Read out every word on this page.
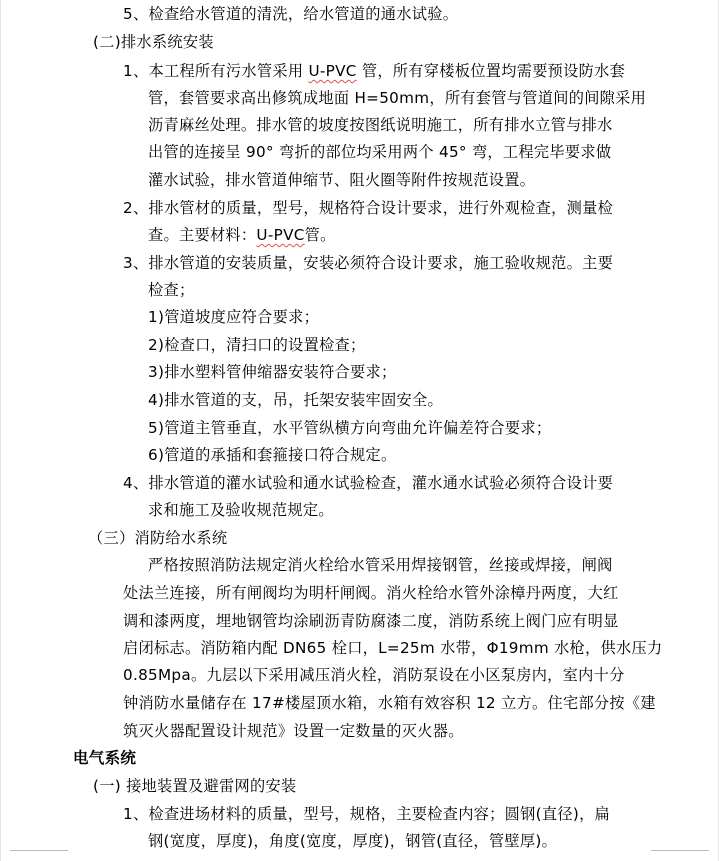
5、检查给水管道的清洗，给水管道的通水试验。
(二)排水系统安装
1、本工程所有污水管采用 U-PVC 管，所有穿楼板位置均需要预设防水套
管，套管要求高出修筑成地面 H=50mm，所有套管与管道间的间隙采用
沥青麻丝处理。排水管的坡度按图纸说明施工，所有排水立管与排水
出管的连接呈 90° 弯折的部位均采用两个 45° 弯，工程完毕要求做
灌水试验，排水管道伸缩节、阻火圈等附件按规范设置。
2、排水管材的质量，型号，规格符合设计要求，进行外观检查，测量检
查。主要材料：U-PVC管。
3、排水管道的安装质量，安装必须符合设计要求，施工验收规范。主要
检查；
1)管道坡度应符合要求；
2)检查口，清扫口的设置检查；
3)排水塑料管伸缩器安装符合要求；
4)排水管道的支，吊，托架安装牢固安全。
5)管道主管垂直，水平管纵横方向弯曲允许偏差符合要求；
6)管道的承插和套箍接口符合规定。
4、排水管道的灌水试验和通水试验检查，灌水通水试验必须符合设计要
求和施工及验收规范规定。
（三）消防给水系统
严格按照消防法规定消火栓给水管采用焊接钢管，丝接或焊接，闸阀
处法兰连接，所有闸阀均为明杆闸阀。消火栓给水管外涂樟丹两度，大红
调和漆两度，埋地钢管均涂刷沥青防腐漆二度，消防系统上阀门应有明显
启闭标志。消防箱内配 DN65 栓口，L=25m 水带，Φ19mm 水枪，供水压力
0.85Mpa。九层以下采用减压消火栓，消防泵设在小区泵房内，室内十分
钟消防水量储存在 17#楼屋顶水箱，水箱有效容积 12 立方。住宅部分按《建
筑灭火器配置设计规范》设置一定数量的灭火器。
电气系统
(一) 接地装置及避雷网的安装
1、检查进场材料的质量，型号，规格，主要检查内容；圆钢(直径)，扁
钢(宽度，厚度)，角度(宽度，厚度)，钢管(直径，管壁厚)。
